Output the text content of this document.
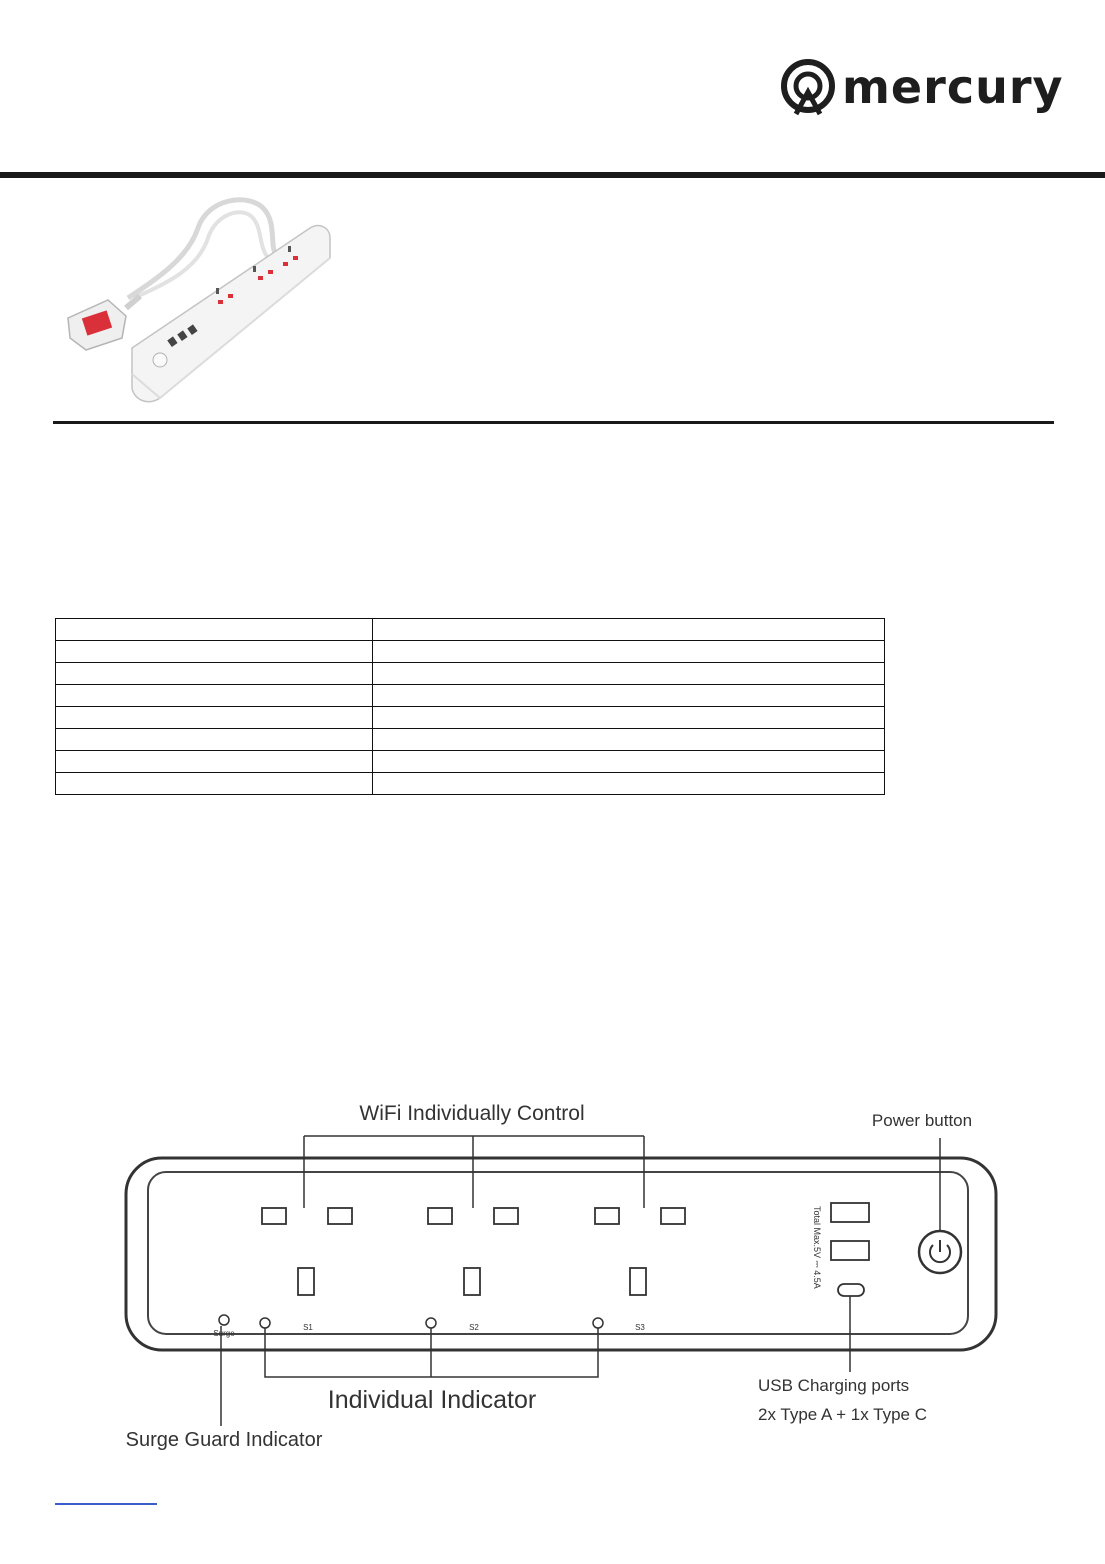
mercury

WiFi Individually Control
Total Max.5V ⎓ 4.5A
Power button
Surge
S1	S2	S3
Individual Indicator
Surge Guard Indicator
USB Charging ports
2x Type A + 1x Type C
